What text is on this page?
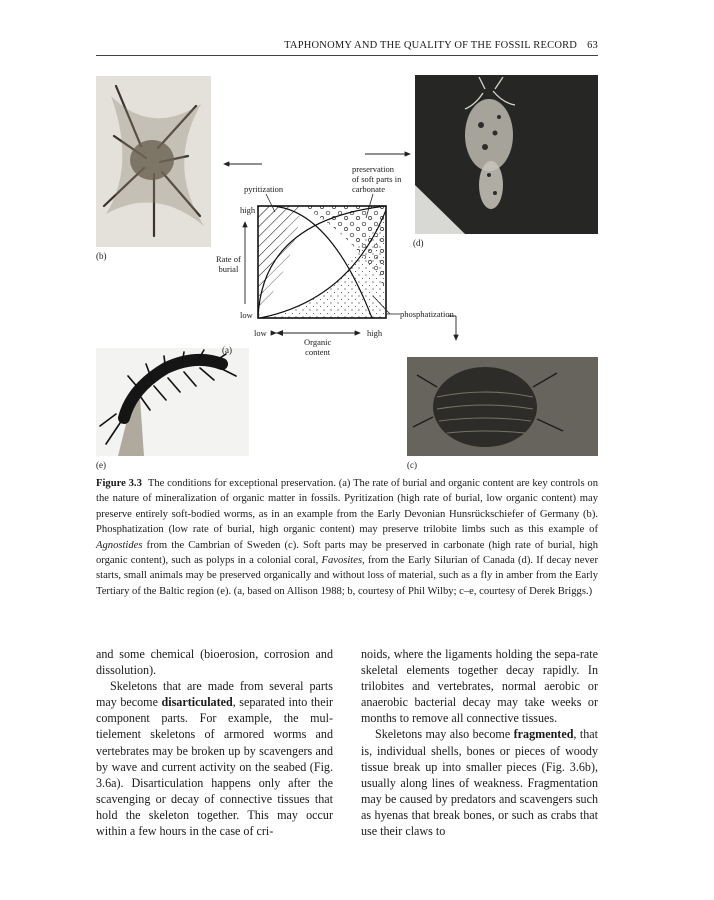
TAPHONOMY AND THE QUALITY OF THE FOSSIL RECORD 63
(b)
(d)
(c)
(e)
pyritization
preservation
of soft parts in
carbonate
phosphatization
high
low
Rate of
burial
low	high
Organic
content
(a)
Figure 3.3 The conditions for exceptional preservation. (a) The rate of burial and organic content are key controls on the nature of mineralization of organic matter in fossils. Pyritization (high rate of burial, low organic content) may preserve entirely soft-bodied worms, as in an example from the Early Devonian Hunsrückschiefer of Germany (b). Phosphatization (low rate of burial, high organic content) may preserve trilobite limbs such as this example of Agnostides from the Cambrian of Sweden (c). Soft parts may be preserved in carbonate (high rate of burial, high organic content), such as polyps in a colonial coral, Favosites, from the Early Silurian of Canada (d). If decay never starts, small animals may be preserved organically and without loss of material, such as a fly in amber from the Early Tertiary of the Baltic region (e). (a, based on Allison 1988; b, courtesy of Phil Wilby; c–e, courtesy of Derek Briggs.)

and some chemical (bioerosion, corrosion and dissolution).

Skeletons that are made from several parts may become disarticulated, separated into their component parts. For example, the mul-tielement skeletons of armored worms and vertebrates may be broken up by scavengers and by wave and current activity on the seabed (Fig. 3.6a). Disarticulation happens only after the scavenging or decay of connective tissues that hold the skeleton together. This may occur within a few hours in the case of cri-

noids, where the ligaments holding the sepa-rate skeletal elements together decay rapidly. In trilobites and vertebrates, normal aerobic or anaerobic bacterial decay may take weeks or months to remove all connective tissues.

Skeletons may also become fragmented, that is, individual shells, bones or pieces of woody tissue break up into smaller pieces (Fig. 3.6b), usually along lines of weakness. Fragmentation may be caused by predators and scavengers such as hyenas that break bones, or such as crabs that use their claws to
